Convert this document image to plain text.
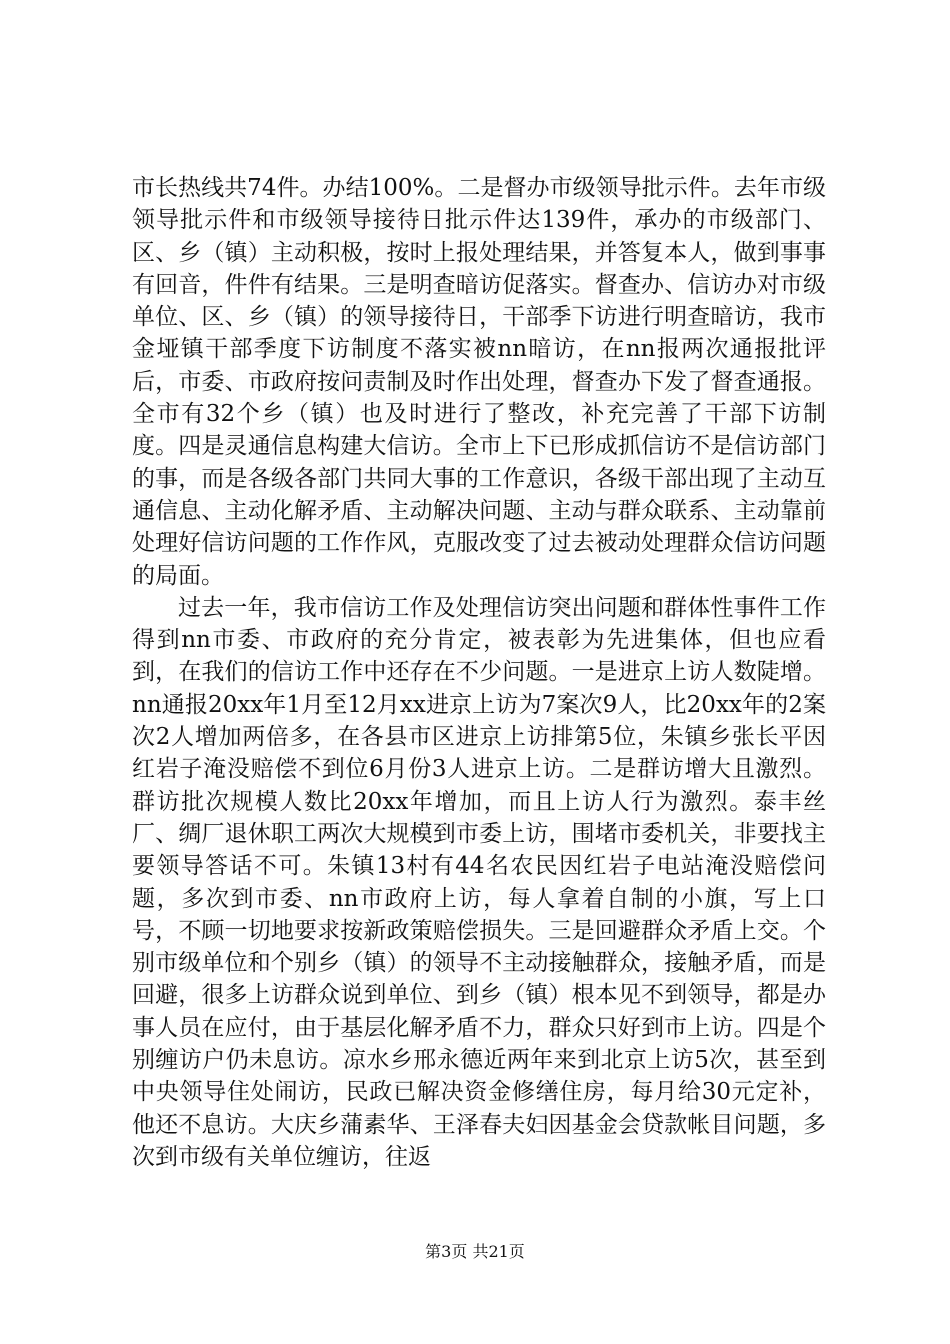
市长热线共74件。办结100%。二是督办市级领导批示件。去年市级领导批示件和市级领导接待日批示件达139件，承办的市级部门、区、乡（镇）主动积极，按时上报处理结果，并答复本人，做到事事有回音，件件有结果。三是明查暗访促落实。督查办、信访办对市级单位、区、乡（镇）的领导接待日，干部季下访进行明查暗访，我市金垭镇干部季度下访制度不落实被nn暗访，在nn报两次通报批评后，市委、市政府按问责制及时作出处理，督查办下发了督查通报。全市有32个乡（镇）也及时进行了整改，补充完善了干部下访制度。四是灵通信息构建大信访。全市上下已形成抓信访不是信访部门的事，而是各级各部门共同大事的工作意识，各级干部出现了主动互通信息、主动化解矛盾、主动解决问题、主动与群众联系、主动靠前处理好信访问题的工作作风，克服改变了过去被动处理群众信访问题的局面。

过去一年，我市信访工作及处理信访突出问题和群体性事件工作得到nn市委、市政府的充分肯定，被表彰为先进集体，但也应看到，在我们的信访工作中还存在不少问题。一是进京上访人数陡增。nn通报20xx年1月至12月xx进京上访为7案次9人，比20xx年的2案次2人增加两倍多，在各县市区进京上访排第5位，朱镇乡张长平因红岩子淹没赔偿不到位6月份3人进京上访。二是群访增大且激烈。群访批次规模人数比20xx年增加，而且上访人行为激烈。泰丰丝厂、绸厂退休职工两次大规模到市委上访，围堵市委机关，非要找主要领导答话不可。朱镇13村有44名农民因红岩子电站淹没赔偿问题，多次到市委、nn市政府上访，每人拿着自制的小旗，写上口号，不顾一切地要求按新政策赔偿损失。三是回避群众矛盾上交。个别市级单位和个别乡（镇）的领导不主动接触群众，接触矛盾，而是回避，很多上访群众说到单位、到乡（镇）根本见不到领导，都是办事人员在应付，由于基层化解矛盾不力，群众只好到市上访。四是个别缠访户仍未息访。凉水乡邢永德近两年来到北京上访5次，甚至到中央领导住处闹访，民政已解决资金修缮住房，每月给30元定补，他还不息访。大庆乡蒲素华、王泽春夫妇因基金会贷款帐目问题，多次到市级有关单位缠访，往返

第3页 共21页
